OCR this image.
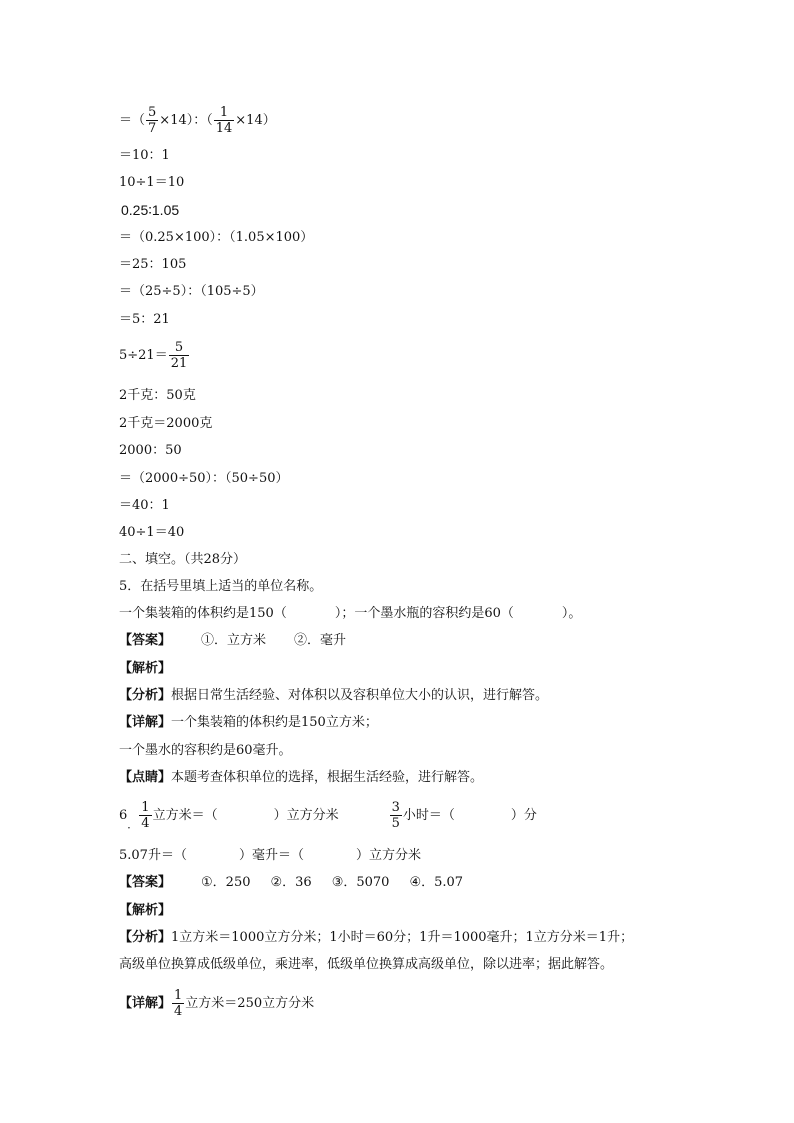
＝（ $\frac{5}{7} \times 14$）：（ $\frac{1}{14} \times 14$）
＝10：1
10÷1＝10
0.25∶1.05
＝（0.25×100）：（1.05×100）
＝25：105
＝（25÷5）：（105÷5）
＝5：21
$5\div 21= \frac{5}{21}$
2千克：50克
2千克＝2000克
2000：50
＝（2000÷50）：（50÷50）
＝40：1
40÷1＝40
二、填空。（共28分）
5．在括号里填上适当的单位名称。
一个集装箱的体积约是150（	）；一个墨水瓶的容积约是60（	）。
【答案】 ①．立方米 ②．毫升
【解析】
【分析】根据日常生活经验、对体积以及容积单位大小的认识，进行解答。
【详解】一个集装箱的体积约是150立方米；
一个墨水的容积约是60毫升。
【点睛】本题考查体积单位的选择，根据生活经验，进行解答。
$6_. \frac{1}{4}$ 立方米＝（	）立方分米	$\frac{3}{5}$ 小时＝（	）分
5.07升＝（	）毫升＝（	）立方分米
【答案】 ①．250 ②．36 ③．5070 ④．5.07
【解析】
【分析】1立方米＝1000立方分米；1小时＝60分；1升＝1000毫升；1立方分米＝1升；
高级单位换算成低级单位，乘进率，低级单位换算成高级单位，除以进率；据此解答。
【详解】 $\frac{1}{4}$ 立方米＝250立方分米
